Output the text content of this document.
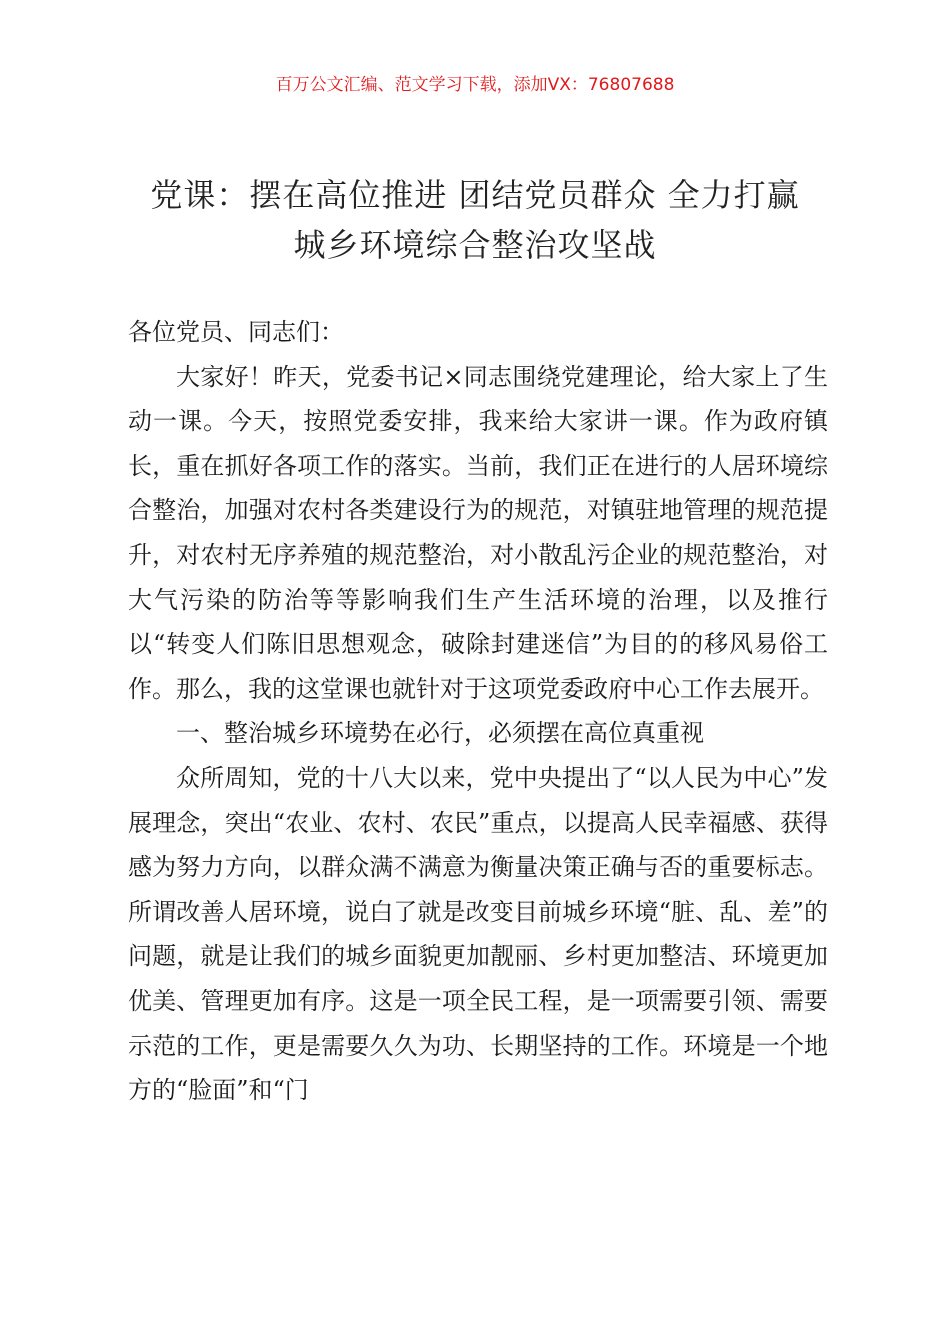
百万公文汇编、范文学习下载，添加VX：76807688
党课：摆在高位推进 团结党员群众 全力打赢
城乡环境综合整治攻坚战

各位党员、同志们：

大家好！昨天，党委书记×同志围绕党建理论，给大家上了生动一课。今天，按照党委安排，我来给大家讲一课。作为政府镇长，重在抓好各项工作的落实。当前，我们正在进行的人居环境综合整治，加强对农村各类建设行为的规范，对镇驻地管理的规范提升，对农村无序养殖的规范整治，对小散乱污企业的规范整治，对大气污染的防治等等影响我们生产生活环境的治理，以及推行以“转变人们陈旧思想观念，破除封建迷信”为目的的移风易俗工作。那么，我的这堂课也就针对于这项党委政府中心工作去展开。

一、整治城乡环境势在必行，必须摆在高位真重视

众所周知，党的十八大以来，党中央提出了“以人民为中心”发展理念，突出“农业、农村、农民”重点，以提高人民幸福感、获得感为努力方向，以群众满不满意为衡量决策正确与否的重要标志。所谓改善人居环境，说白了就是改变目前城乡环境“脏、乱、差”的问题，就是让我们的城乡面貌更加靓丽、乡村更加整洁、环境更加优美、管理更加有序。这是一项全民工程，是一项需要引领、需要示范的工作，更是需要久久为功、长期坚持的工作。环境是一个地方的“脸面”和“门
